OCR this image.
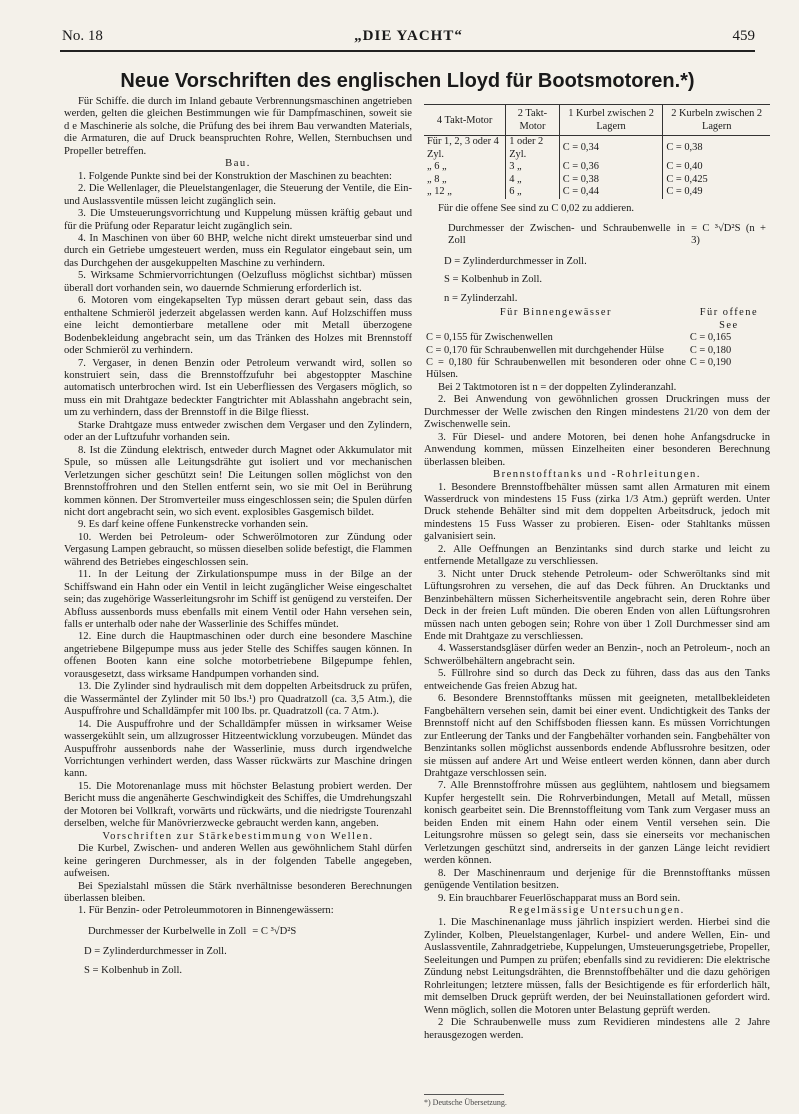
No. 18	„DIE YACHT“	459
Neue Vorschriften des englischen Lloyd für Bootsmotoren.*)

Für Schiffe. die durch im Inland gebaute Verbrennungsmaschinen angetrieben werden, gelten die gleichen Bestimmungen wie für Dampfmaschinen, soweit sie d e Maschinerie als solche, die Prüfung des bei ihrem Bau verwandten Materials, die Armaturen, die auf Druck beanspruchten Rohre, Wellen, Sternbuchsen und Propeller betreffen.

Bau.

1. Folgende Punkte sind bei der Konstruktion der Maschinen zu beachten:

2. Die Wellenlager, die Pleuelstangenlager, die Steuerung der Ventile, die Ein- und Auslassventile müssen leicht zugänglich sein.

3. Die Umsteuerungsvorrichtung und Kuppelung müssen kräftig gebaut und für die Prüfung oder Reparatur leicht zugänglich sein.

4. In Maschinen von über 60 BHP, welche nicht direkt umsteuerbar sind und durch ein Getriebe umgesteuert werden, muss ein Regulator eingebaut sein, um das Durchgehen der ausgekuppelten Maschine zu verhindern.

5. Wirksame Schmiervorrichtungen (Oelzufluss möglichst sichtbar) müssen überall dort vorhanden sein, wo dauernde Schmierung erforderlich ist.

6. Motoren vom eingekapselten Typ müssen derart gebaut sein, dass das enthaltene Schmieröl jederzeit abgelassen werden kann. Auf Holzschiffen muss eine leicht demontierbare metallene oder mit Metall überzogene Bodenbekleidung angebracht sein, um das Tränken des Holzes mit Brennstoff oder Schmieröl zu verhindern.

7. Vergaser, in denen Benzin oder Petroleum verwandt wird, sollen so konstruiert sein, dass die Brennstoffzufuhr bei abgestoppter Maschine automatisch unterbrochen wird. Ist ein Ueberfliessen des Vergasers möglich, so muss ein mit Drahtgaze bedeckter Fangtrichter mit Ablasshahn angebracht sein, um zu verhindern, dass der Brennstoff in die Bilge fliesst.

Starke Drahtgaze muss entweder zwischen dem Vergaser und den Zylindern, oder an der Luftzufuhr vorhanden sein.

8. Ist die Zündung elektrisch, entweder durch Magnet oder Akkumulator mit Spule, so müssen alle Leitungsdrähte gut isoliert und vor mechanischen Verletzungen sicher geschützt sein! Die Leitungen sollen möglichst von den Brennstoffrohren und den Stellen entfernt sein, wo sie mit Oel in Berührung kommen können. Der Stromverteiler muss eingeschlossen sein; die Spulen dürfen nicht dort angebracht sein, wo sich event. explosibles Gasgemisch bildet.

9. Es darf keine offene Funkenstrecke vorhanden sein.

10. Werden bei Petroleum- oder Schwerölmotoren zur Zündung oder Vergasung Lampen gebraucht, so müssen dieselben solide befestigt, die Flammen während des Betriebes eingeschlossen sein.

11. In der Leitung der Zirkulationspumpe muss in der Bilge an der Schiffswand ein Hahn oder ein Ventil in leicht zugänglicher Weise eingeschaltet sein; das zugehörige Wasserleitungsrohr im Schiff ist genügend zu versteifen. Der Abfluss aussenbords muss ebenfalls mit einem Ventil oder Hahn versehen sein, falls er unterhalb oder nahe der Wasserlinie des Schiffes mündet.

12. Eine durch die Hauptmaschinen oder durch eine besondere Maschine angetriebene Bilgepumpe muss aus jeder Stelle des Schiffes saugen können. In offenen Booten kann eine solche motorbetriebene Bilgepumpe fehlen, vorausgesetzt, dass wirksame Handpumpen vorhanden sind.

13. Die Zylinder sind hydraulisch mit dem doppelten Arbeitsdruck zu prüfen, die Wassermäntel der Zylinder mit 50 lbs.¹) pro Quadratzoll (ca. 3,5 Atm.), die Auspuffrohre und Schalldämpfer mit 100 lbs. pr. Quadratzoll (ca. 7 Atm.).

14. Die Auspuffrohre und der Schalldämpfer müssen in wirksamer Weise wassergekühlt sein, um allzugrosser Hitzeentwicklung vorzubeugen. Mündet das Auspuffrohr aussenbords nahe der Wasserlinie, muss durch irgendwelche Vorrichtungen verhindert werden, dass Wasser rückwärts zur Maschine dringen kann.

15. Die Motorenanlage muss mit höchster Belastung probiert werden. Der Bericht muss die angenäherte Geschwindigkeit des Schiffes, die Umdrehungszahl der Motoren bei Vollkraft, vorwärts und rückwärts, und die niedrigste Tourenzahl derselben, welche für Manövrierzwecke gebraucht werden kann, angeben.

Vorschriften zur Stärkebestimmung von Wellen.

Die Kurbel, Zwischen- und anderen Wellen aus gewöhnlichem Stahl dürfen keine geringeren Durchmesser, als in der folgenden Tabelle angegeben, aufweisen.

Bei Spezialstahl müssen die Stärk nverhältnisse besonderen Berechnungen überlassen bleiben.

1. Für Benzin- oder Petroleummotoren in Binnengewässern:

Durchmesser der Kurbelwelle in Zoll	= C ³√D²S

D = Zylinderdurchmesser in Zoll.

S = Kolbenhub in Zoll.

4 Takt-Motor	2 Takt-Motor	1 Kurbel zwischen 2 Lagern	2 Kurbeln zwischen 2 Lagern
Für 1, 2, 3 oder 4 Zyl.	1 oder 2 Zyl.	C = 0,34	C = 0,38
„ 6 „	3 „	C = 0,36	C = 0,40
„ 8 „	4 „	C = 0,38	C = 0,425
„ 12 „	6 „	C = 0,44	C = 0,49

Für die offene See sind zu C 0,02 zu addieren.

Durchmesser der Zwischen- und Schraubenwelle in Zoll	= C ³√D²S (n + 3)

D = Zylinderdurchmesser in Zoll.

S = Kolbenhub in Zoll.

n = Zylinderzahl.

Für Binnengewässer	Für offene See
C = 0,155 für Zwischenwellen	C = 0,165
C = 0,170 für Schraubenwellen mit durchgehender Hülse	C = 0,180
C = 0,180 für Schraubenwellen mit besonderen oder ohne Hülsen.	C = 0,190

Bei 2 Taktmotoren ist n = der doppelten Zylinderanzahl.

2. Bei Anwendung von gewöhnlichen grossen Druckringen muss der Durchmesser der Welle zwischen den Ringen mindestens 21/20 von dem der Zwischenwelle sein.

3. Für Diesel- und andere Motoren, bei denen hohe Anfangsdrucke in Anwendung kommen, müssen Einzelheiten einer besonderen Berechnung überlassen bleiben.

Brennstofftanks und -Rohrleitungen.

1. Besondere Brennstoffbehälter müssen samt allen Armaturen mit einem Wasserdruck von mindestens 15 Fuss (zirka 1/3 Atm.) geprüft werden. Unter Druck stehende Behälter sind mit dem doppelten Arbeitsdruck, jedoch mit mindestens 15 Fuss Wasser zu probieren. Eisen- oder Stahltanks müssen galvanisiert sein.

2. Alle Oeffnungen an Benzintanks sind durch starke und leicht zu entfernende Metallgaze zu verschliessen.

3. Nicht unter Druck stehende Petroleum- oder Schweröltanks sind mit Lüftungsrohren zu versehen, die auf das Deck führen. An Drucktanks und Benzinbehältern müssen Sicherheitsventile angebracht sein, deren Rohre über Deck in der freien Luft münden. Die oberen Enden von allen Lüftungsrohren müssen nach unten gebogen sein; Rohre von über 1 Zoll Durchmesser sind am Ende mit Drahtgaze zu verschliessen.

4. Wasserstandsgläser dürfen weder an Benzin-, noch an Petroleum-, noch an Schwerölbehältern angebracht sein.

5. Füllrohre sind so durch das Deck zu führen, dass das aus den Tanks entweichende Gas freien Abzug hat.

6. Besondere Brennstofftanks müssen mit geeigneten, metallbekleideten Fangbehältern versehen sein, damit bei einer event. Undichtigkeit des Tanks der Brennstoff nicht auf den Schiffsboden fliessen kann. Es müssen Vorrichtungen zur Entleerung der Tanks und der Fangbehälter vorhanden sein. Fangbehälter von Benzintanks sollen möglichst aussenbords endende Abflussrohre besitzen, oder sie müssen auf andere Art und Weise entleert werden können, dann aber durch Drahtgaze verschlossen sein.

7. Alle Brennstoffrohre müssen aus geglühtem, nahtlosem und biegsamem Kupfer hergestellt sein. Die Rohrverbindungen, Metall auf Metall, müssen konisch gearbeitet sein. Die Brennstoffleitung vom Tank zum Vergaser muss an beiden Enden mit einem Hahn oder einem Ventil versehen sein. Die Leitungsrohre müssen so gelegt sein, dass sie einerseits vor mechanischen Verletzungen geschützt sind, andrerseits in der ganzen Länge leicht revidiert werden können.

8. Der Maschinenraum und derjenige für die Brennstofftanks müssen genügende Ventilation besitzen.

9. Ein brauchbarer Feuerlöschapparat muss an Bord sein.

Regelmässige Untersuchungen.

1. Die Maschinenanlage muss jährlich inspiziert werden. Hierbei sind die Zylinder, Kolben, Pleuelstangenlager, Kurbel- und andere Wellen, Ein- und Auslassventile, Zahnradgetriebe, Kuppelungen, Umsteuerungsgetriebe, Propeller, Seeleitungen und Pumpen zu prüfen; ebenfalls sind zu revidieren: Die elektrische Zündung nebst Leitungsdrähten, die Brennstoffbehälter und die dazu gehörigen Rohrleitungen; letztere müssen, falls der Besichtigende es für erforderlich hält, mit demselben Druck geprüft werden, der bei Neuinstallationen gefordert wird. Wenn möglich, sollen die Motoren unter Belastung geprüft werden.

2 Die Schraubenwelle muss zum Revidieren mindestens alle 2 Jahre herausgezogen werden.

*) Deutsche Übersetzung.
